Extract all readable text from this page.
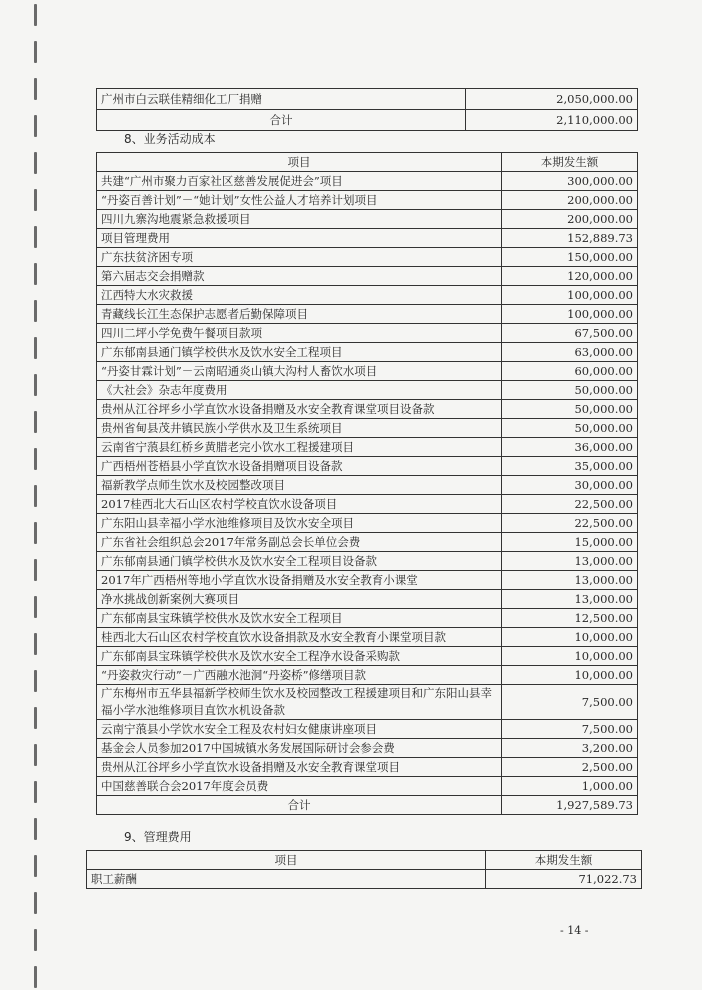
广州市白云联佳精细化工厂捐赠	2,050,000.00
合计	2,110,000.00
8、业务活动成本
项目	本期发生额
共建“广州市聚力百家社区慈善发展促进会”项目	300,000.00
“丹姿百善计划”－“她计划”女性公益人才培养计划项目	200,000.00
四川九寨沟地震紧急救援项目	200,000.00
项目管理费用	152,889.73
广东扶贫济困专项	150,000.00
第六届志交会捐赠款	120,000.00
江西特大水灾救援	100,000.00
青藏线长江生态保护志愿者后勤保障项目	100,000.00
四川二坪小学免费午餐项目款项	67,500.00
广东郁南县通门镇学校供水及饮水安全工程项目	63,000.00
“丹姿甘霖计划”－云南昭通炎山镇大沟村人畜饮水项目	60,000.00
《大社会》杂志年度费用	50,000.00
贵州从江谷坪乡小学直饮水设备捐赠及水安全教育课堂项目设备款	50,000.00
贵州省甸县茂井镇民族小学供水及卫生系统项目	50,000.00
云南省宁蒗县红桥乡黄腊老完小饮水工程援建项目	36,000.00
广西梧州苍梧县小学直饮水设备捐赠项目设备款	35,000.00
福新教学点师生饮水及校园整改项目	30,000.00
2017桂西北大石山区农村学校直饮水设备项目	22,500.00
广东阳山县幸福小学水池维修项目及饮水安全项目	22,500.00
广东省社会组织总会2017年常务副总会长单位会费	15,000.00
广东郁南县通门镇学校供水及饮水安全工程项目设备款	13,000.00
2017年广西梧州等地小学直饮水设备捐赠及水安全教育小课堂	13,000.00
净水挑战创新案例大赛项目	13,000.00
广东郁南县宝珠镇学校供水及饮水安全工程项目	12,500.00
桂西北大石山区农村学校直饮水设备捐款及水安全教育小课堂项目款	10,000.00
广东郁南县宝珠镇学校供水及饮水安全工程净水设备采购款	10,000.00
“丹姿救灾行动”－广西融水池洞“丹姿桥”修缮项目款	10,000.00
广东梅州市五华县福新学校师生饮水及校园整改工程援建项目和广东阳山县幸福小学水池维修项目直饮水机设备款	7,500.00
云南宁蒗县小学饮水安全工程及农村妇女健康讲座项目	7,500.00
基金会人员参加2017中国城镇水务发展国际研讨会参会费	3,200.00
贵州从江谷坪乡小学直饮水设备捐赠及水安全教育课堂项目	2,500.00
中国慈善联合会2017年度会员费	1,000.00
合计	1,927,589.73
9、管理费用
项目	本期发生额
职工薪酬	71,022.73
- 14 -
